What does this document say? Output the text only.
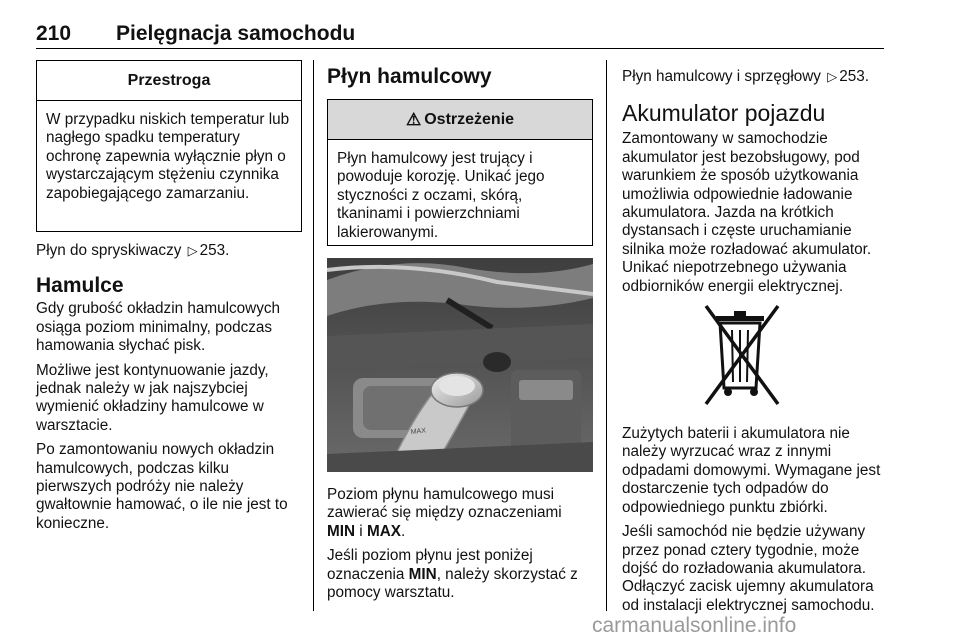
210 Pielęgnacja samochodu
Przestroga
W przypadku niskich temperatur lub nagłego spadku temperatury ochronę zapewnia wyłącznie płyn o wystarczającym stężeniu czynnika zapobiegającego zamarzaniu.

Płyn do spryskiwaczy ▷ 253.

Hamulce

Gdy grubość okładzin hamulcowych osiąga poziom minimalny, podczas hamowania słychać pisk.

Możliwe jest kontynuowanie jazdy, jednak należy w jak najszybciej wymienić okładziny hamulcowe w warsztacie.

Po zamontowaniu nowych okładzin hamulcowych, podczas kilku pierwszych podróży nie należy gwałtownie hamować, o ile nie jest to konieczne.

Płyn hamulcowy
⚠ Ostrzeżenie
Płyn hamulcowy jest trujący i powoduje korozję. Unikać jego styczności z oczami, skórą, tkaninami i powierzchniami lakierowanymi.
MAX

Poziom płynu hamulcowego musi zawierać się między oznaczeniami MIN i MAX.

Jeśli poziom płynu jest poniżej oznaczenia MIN, należy skorzystać z pomocy warsztatu.

Płyn hamulcowy i sprzęgłowy ▷ 253.

Akumulator pojazdu

Zamontowany w samochodzie akumulator jest bezobsługowy, pod warunkiem że sposób użytkowania umożliwia odpowiednie ładowanie akumulatora. Jazda na krótkich dystansach i częste uruchamianie silnika może rozładować akumulator. Unikać niepotrzebnego używania odbiorników energii elektrycznej.

Zużytych baterii i akumulatora nie należy wyrzucać wraz z innymi odpadami domowymi. Wymagane jest dostarczenie tych odpadów do odpowiedniego punktu zbiórki.

Jeśli samochód nie będzie używany przez ponad cztery tygodnie, może dojść do rozładowania akumulatora. Odłączyć zacisk ujemny akumulatora od instalacji elektrycznej samochodu.

carmanualsonline.info
